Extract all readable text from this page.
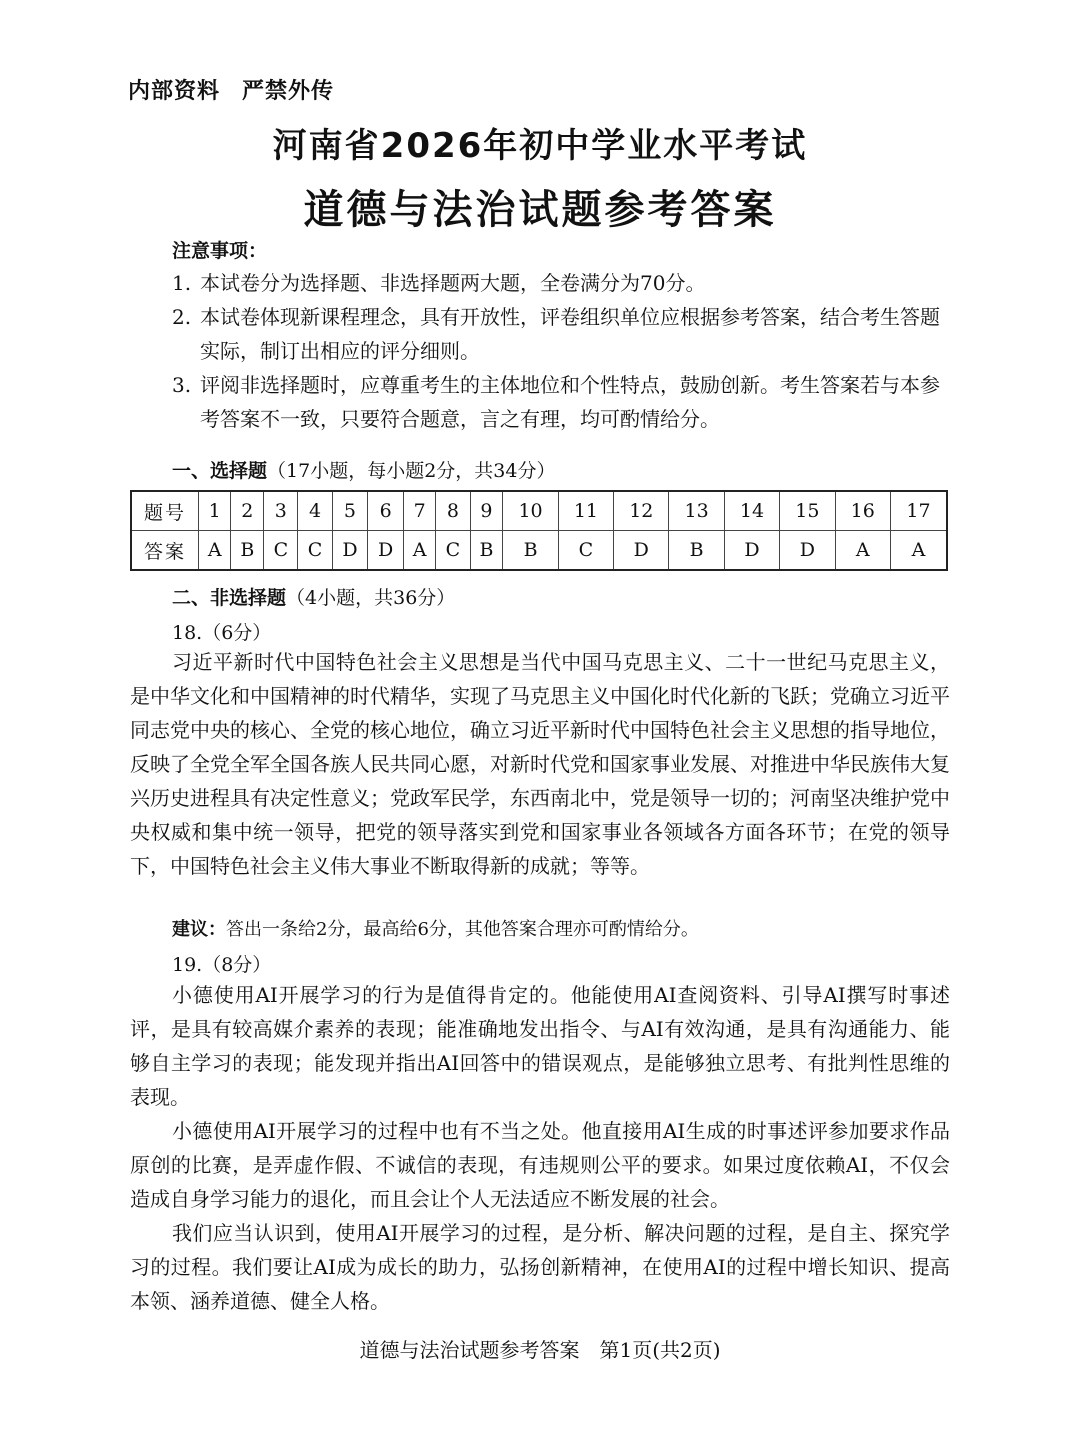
内部资料 严禁外传
河南省2026年初中学业水平考试
道德与法治试题参考答案
注意事项：
1. 本试卷分为选择题、非选择题两大题，全卷满分为70分。
2. 本试卷体现新课程理念，具有开放性，评卷组织单位应根据参考答案，结合考生答题实际，制订出相应的评分细则。
3. 评阅非选择题时，应尊重考生的主体地位和个性特点，鼓励创新。考生答案若与本参考答案不一致，只要符合题意，言之有理，均可酌情给分。
一、选择题（17小题，每小题2分，共34分）
题号	1	2	3	4	5	6	7	8	9	10	11	12	13	14	15	16	17
答案	A	B	C	C	D	D	A	C	B	B	C	D	B	D	D	A	A
二、非选择题（4小题，共36分）
18.（6分）
习近平新时代中国特色社会主义思想是当代中国马克思主义、二十一世纪马克思主义，是中华文化和中国精神的时代精华，实现了马克思主义中国化时代化新的飞跃；党确立习近平同志党中央的核心、全党的核心地位，确立习近平新时代中国特色社会主义思想的指导地位，反映了全党全军全国各族人民共同心愿，对新时代党和国家事业发展、对推进中华民族伟大复兴历史进程具有决定性意义；党政军民学，东西南北中，党是领导一切的；河南坚决维护党中央权威和集中统一领导，把党的领导落实到党和国家事业各领域各方面各环节；在党的领导下，中国特色社会主义伟大事业不断取得新的成就；等等。
建议：答出一条给2分，最高给6分，其他答案合理亦可酌情给分。
19.（8分）
小德使用AI开展学习的行为是值得肯定的。他能使用AI查阅资料、引导AI撰写时事述评，是具有较高媒介素养的表现；能准确地发出指令、与AI有效沟通，是具有沟通能力、能够自主学习的表现；能发现并指出AI回答中的错误观点，是能够独立思考、有批判性思维的表现。
小德使用AI开展学习的过程中也有不当之处。他直接用AI生成的时事述评参加要求作品原创的比赛，是弄虚作假、不诚信的表现，有违规则公平的要求。如果过度依赖AI，不仅会造成自身学习能力的退化，而且会让个人无法适应不断发展的社会。
我们应当认识到，使用AI开展学习的过程，是分析、解决问题的过程，是自主、探究学习的过程。我们要让AI成为成长的助力，弘扬创新精神，在使用AI的过程中增长知识、提高本领、涵养道德、健全人格。
道德与法治试题参考答案　第1页(共2页)
